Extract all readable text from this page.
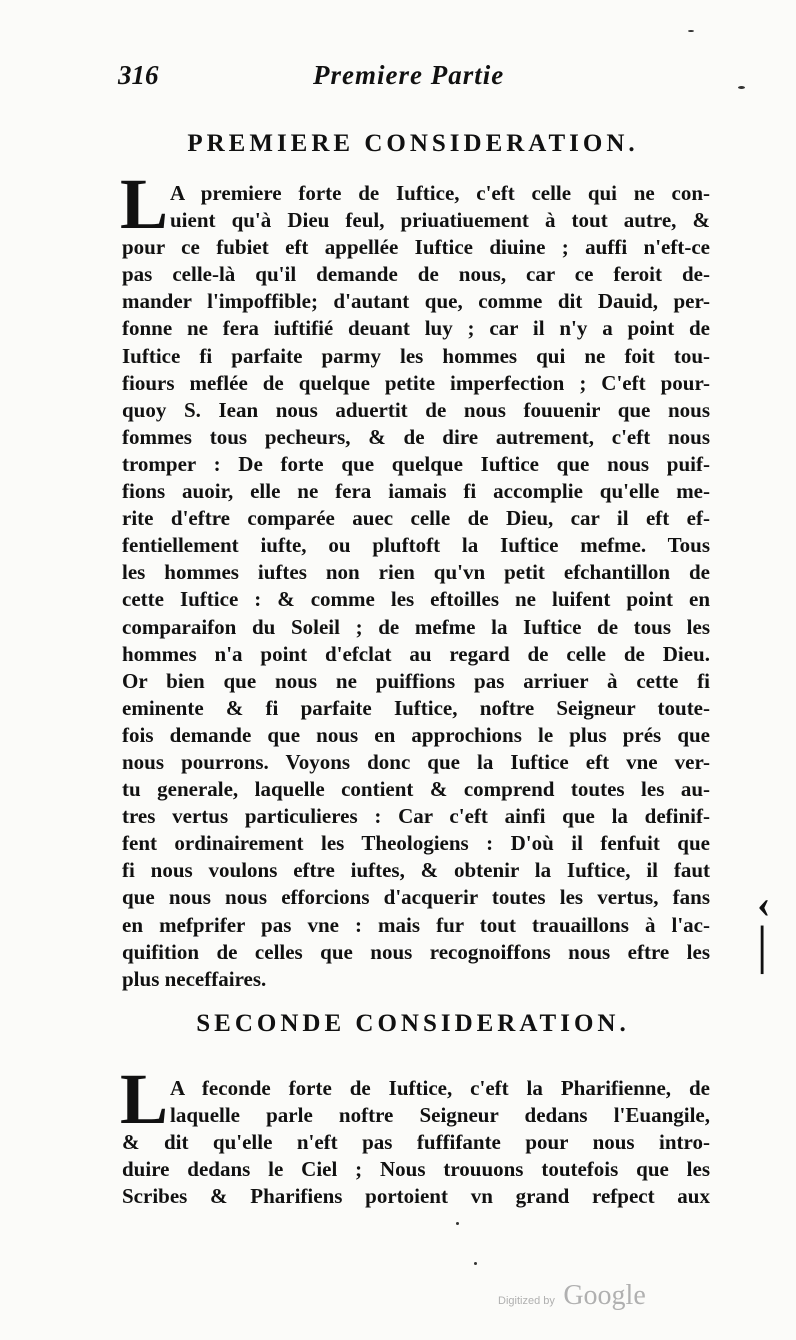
316	Premiere Partie
PREMIERE CONSIDERATION.
L A premiere forte de Iuftice, c'eft celle qui ne con-
uient qu'à Dieu feul, priuatiuement à tout autre, &
pour ce fubiet eft appellée Iuftice diuine ; auffi n'eft-ce
pas celle-là qu'il demande de nous, car ce feroit de-
mander l'impoffible; d'autant que, comme dit Dauid, per-
fonne ne fera iuftifié deuant luy ; car il n'y a point de
Iuftice fi parfaite parmy les hommes qui ne foit tou-
fiours meflée de quelque petite imperfection ; C'eft pour-
quoy S. Iean nous aduertit de nous fouuenir que nous
fommes tous pecheurs, & de dire autrement, c'eft nous
tromper : De forte que quelque Iuftice que nous puif-
fions auoir, elle ne fera iamais fi accomplie qu'elle me-
rite d'eftre comparée auec celle de Dieu, car il eft ef-
fentiellement iufte, ou pluftoft la Iuftice mefme. Tous
les hommes iuftes non rien qu'vn petit efchantillon de
cette Iuftice : & comme les eftoilles ne luifent point en
comparaifon du Soleil ; de mefme la Iuftice de tous les
hommes n'a point d'efclat au regard de celle de Dieu.
Or bien que nous ne puiffions pas arriuer à cette fi
eminente & fi parfaite Iuftice, noftre Seigneur toute-
fois demande que nous en approchions le plus prés que
nous pourrons. Voyons donc que la Iuftice eft vne ver-
tu generale, laquelle contient & comprend toutes les au-
tres vertus particulieres : Car c'eft ainfi que la definif-
fent ordinairement les Theologiens : D'où il fenfuit que
fi nous voulons eftre iuftes, & obtenir la Iuftice, il faut
que nous nous efforcions d'acquerir toutes les vertus, fans
en mefprifer pas vne : mais fur tout trauaillons à l'ac-
quifition de celles que nous recognoiffons nous eftre les
plus neceffaires.
SECONDE CONSIDERATION.
L A feconde forte de Iuftice, c'eft la Pharifienne, de
laquelle parle noftre Seigneur dedans l'Euangile,
& dit qu'elle n'eft pas fuffifante pour nous intro-
duire dedans le Ciel ; Nous trouuons toutefois que les
Scribes & Pharifiens portoient vn grand refpect aux
‹
│
Digitized by Google
